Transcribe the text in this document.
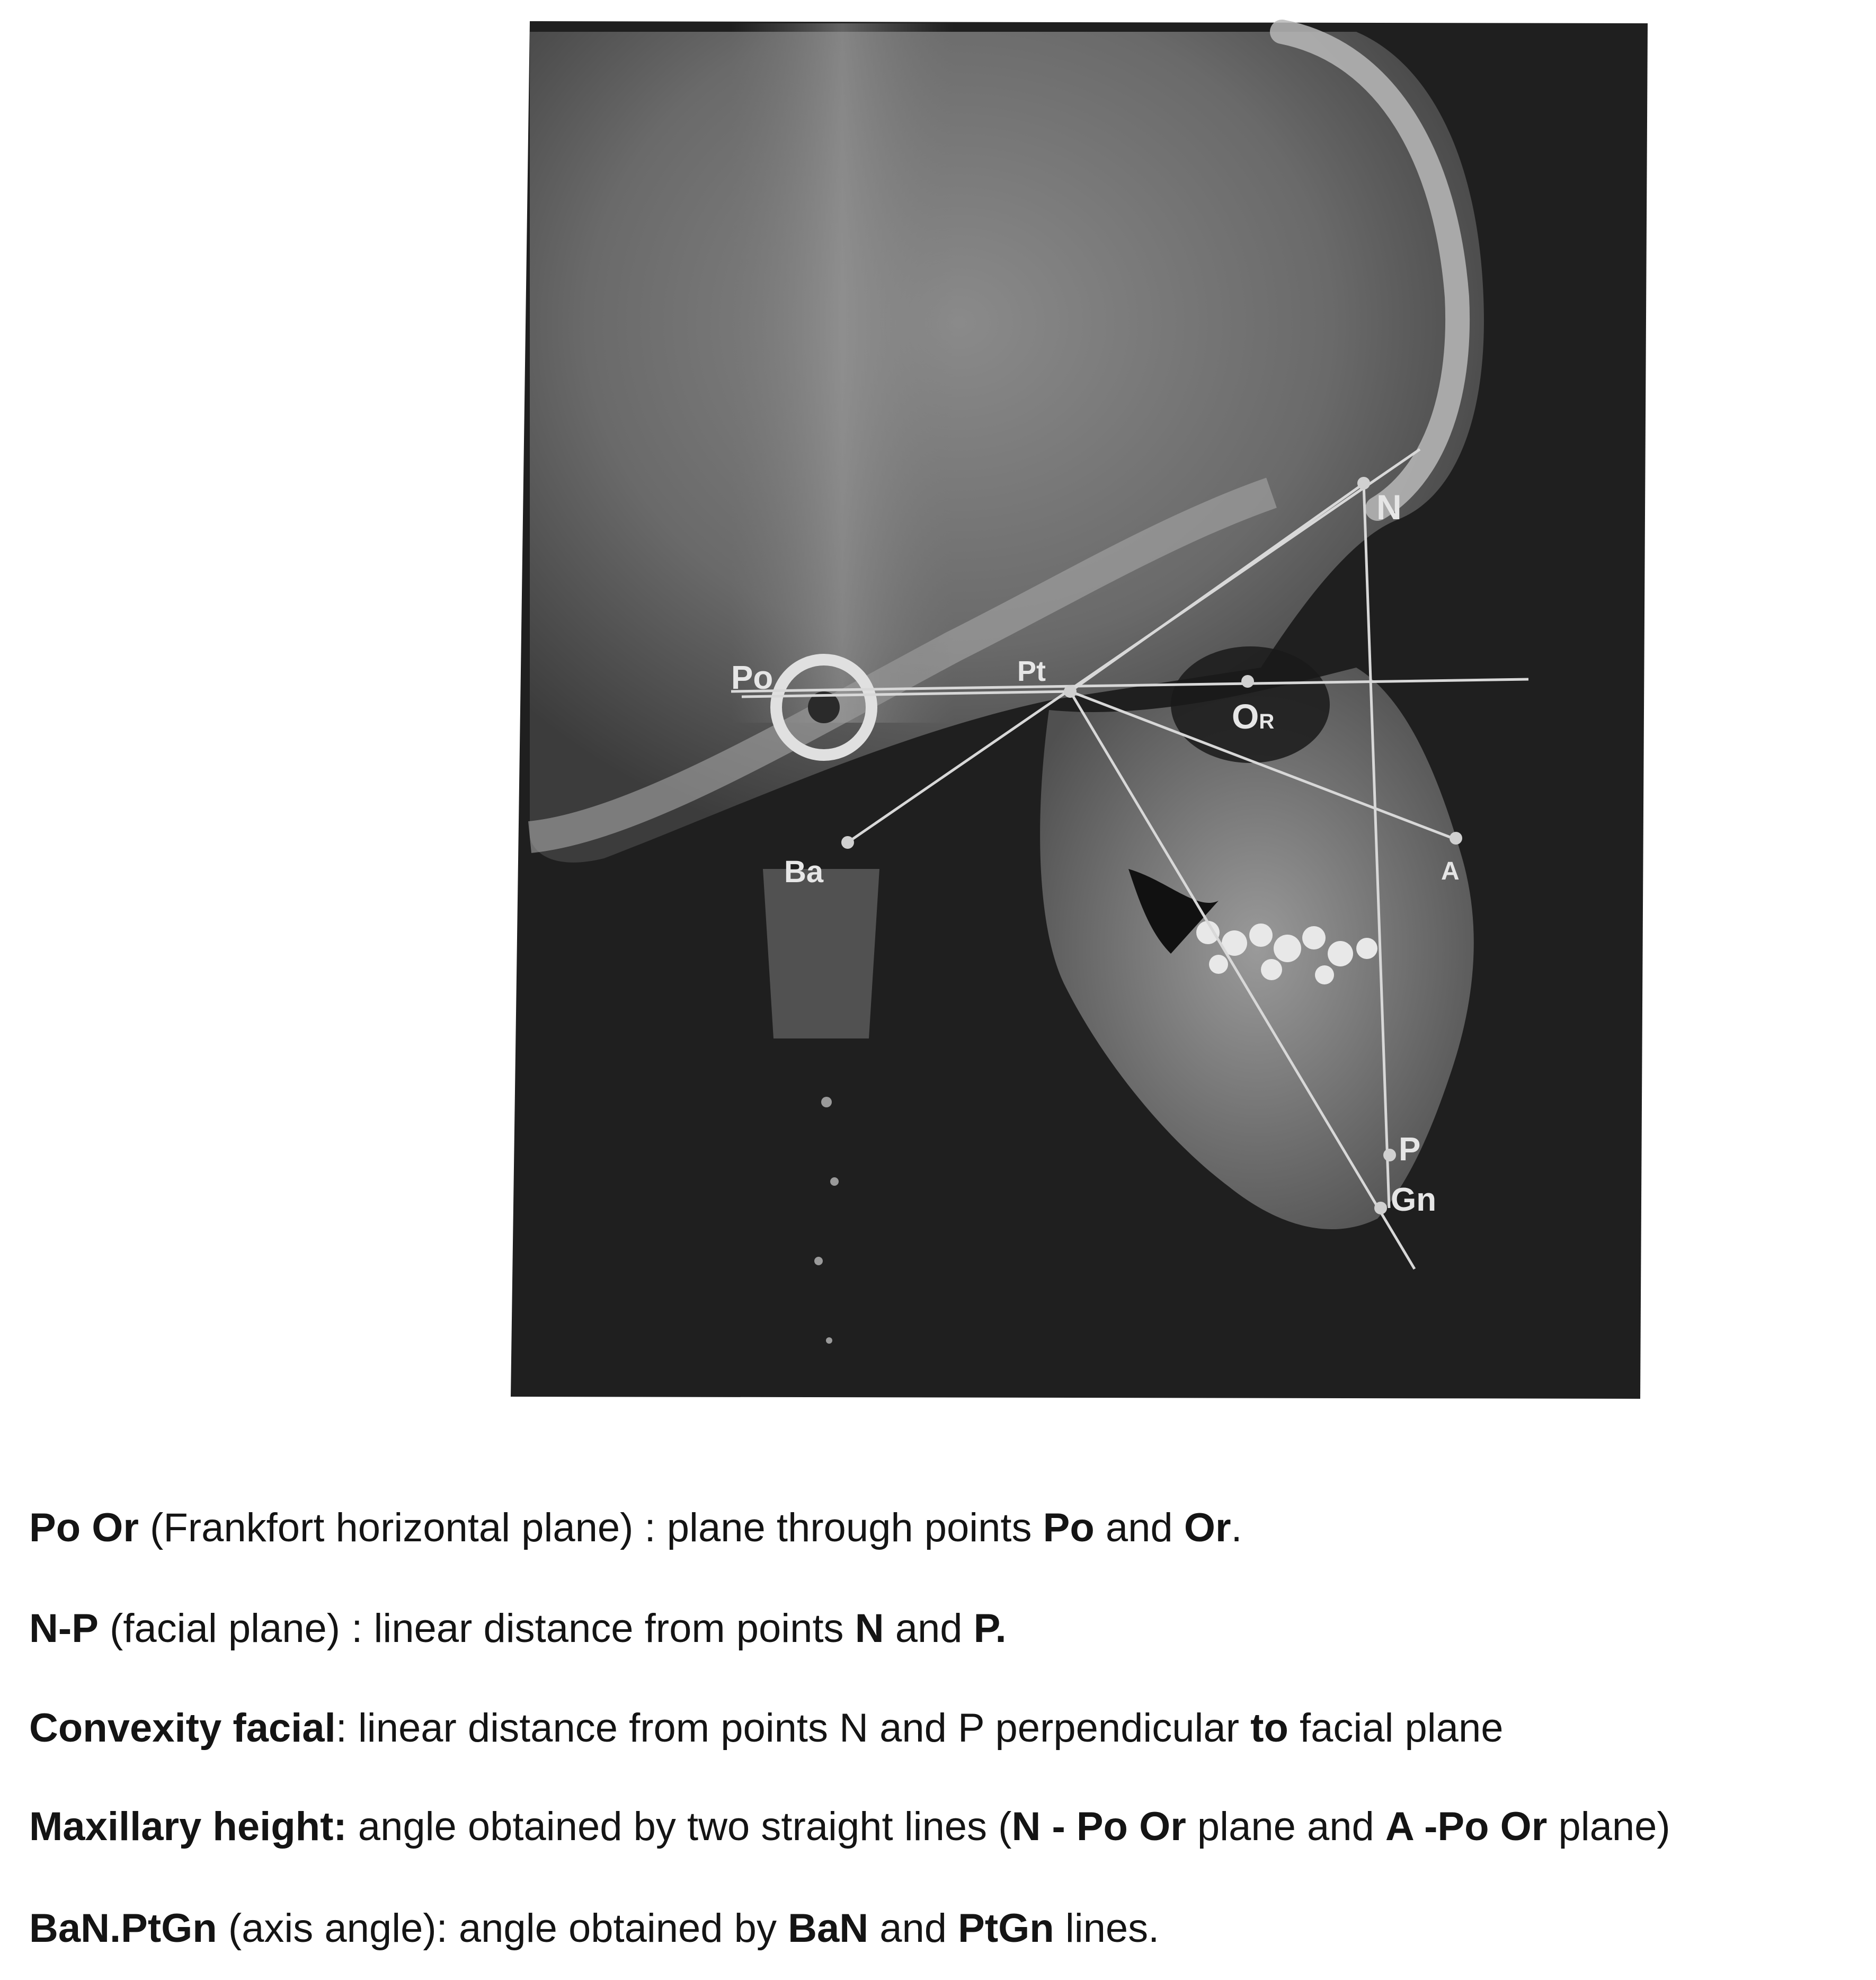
Po	Pt
N
OR
Ba	A
P
Gn
Po Or (Frankfort horizontal plane) : plane through points Po and Or.
N-P (facial plane) : linear distance from points N and P.
Convexity facial: linear distance from points N and P perpendicular to facial plane
Maxillary height: angle obtained by two straight lines (N - Po Or plane and A -Po Or plane)
BaN.PtGn (axis angle): angle obtained by BaN and PtGn lines.
